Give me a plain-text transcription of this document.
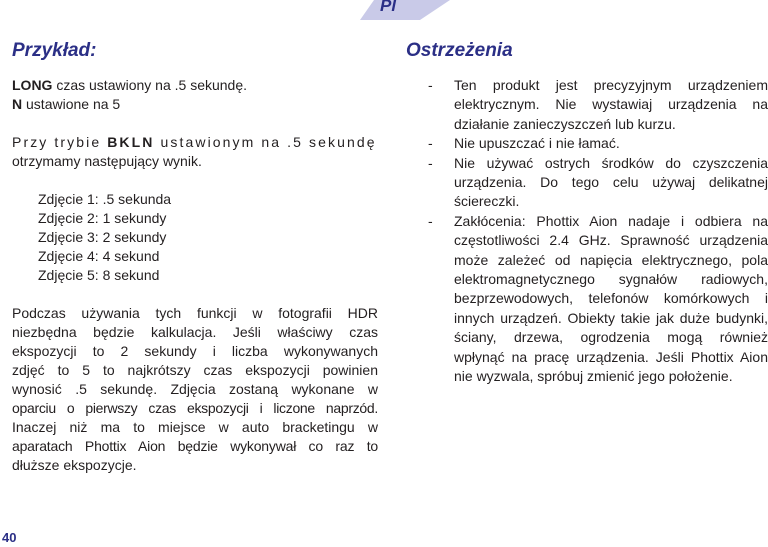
Pl
Przykład:
LONG czas ustawiony na .5 sekundę.
N ustawione na 5
Przy trybie BKLN ustawionym na .5 sekundę
otrzymamy następujący wynik.
Zdjęcie 1: .5 sekunda
Zdjęcie 2: 1 sekundy
Zdjęcie 3: 2 sekundy
Zdjęcie 4: 4 sekund
Zdjęcie 5: 8 sekund
Podczas używania tych funkcji w fotografii HDR
niezbędna będzie kalkulacja. Jeśli właściwy czas
ekspozycji to 2 sekundy i liczba wykonywanych
zdjęć to 5 to najkrótszy czas ekspozycji powinien
wynosić .5 sekundę. Zdjęcia zostaną wykonane w
oparciu o pierwszy czas ekspozycji i liczone naprzód.
Inaczej niż ma to miejsce w auto bracketingu w
aparatach Phottix Aion będzie wykonywał co raz to
dłuższe ekspozycje.
Ostrzeżenia
- Ten produkt jest precyzyjnym urządzeniem elektrycznym. Nie wystawiaj urządzenia na działanie zanieczyszczeń lub kurzu.
- Nie upuszczać i nie łamać.
- Nie używać ostrych środków do czyszczenia urządzenia. Do tego celu używaj delikatnej ściereczki.
- Zakłócenia: Phottix Aion nadaje i odbiera na częstotliwości 2.4 GHz. Sprawność urządzenia może zależeć od napięcia elektrycznego, pola elektromagnetycznego sygnałów radiowych, bezprzewodowych, telefonów komórkowych i innych urządzeń. Obiekty takie jak duże budynki, ściany, drzewa, ogrodzenia mogą również wpłynąć na pracę urządzenia. Jeśli Phottix Aion nie wyzwala, spróbuj zmienić jego położenie.
40
